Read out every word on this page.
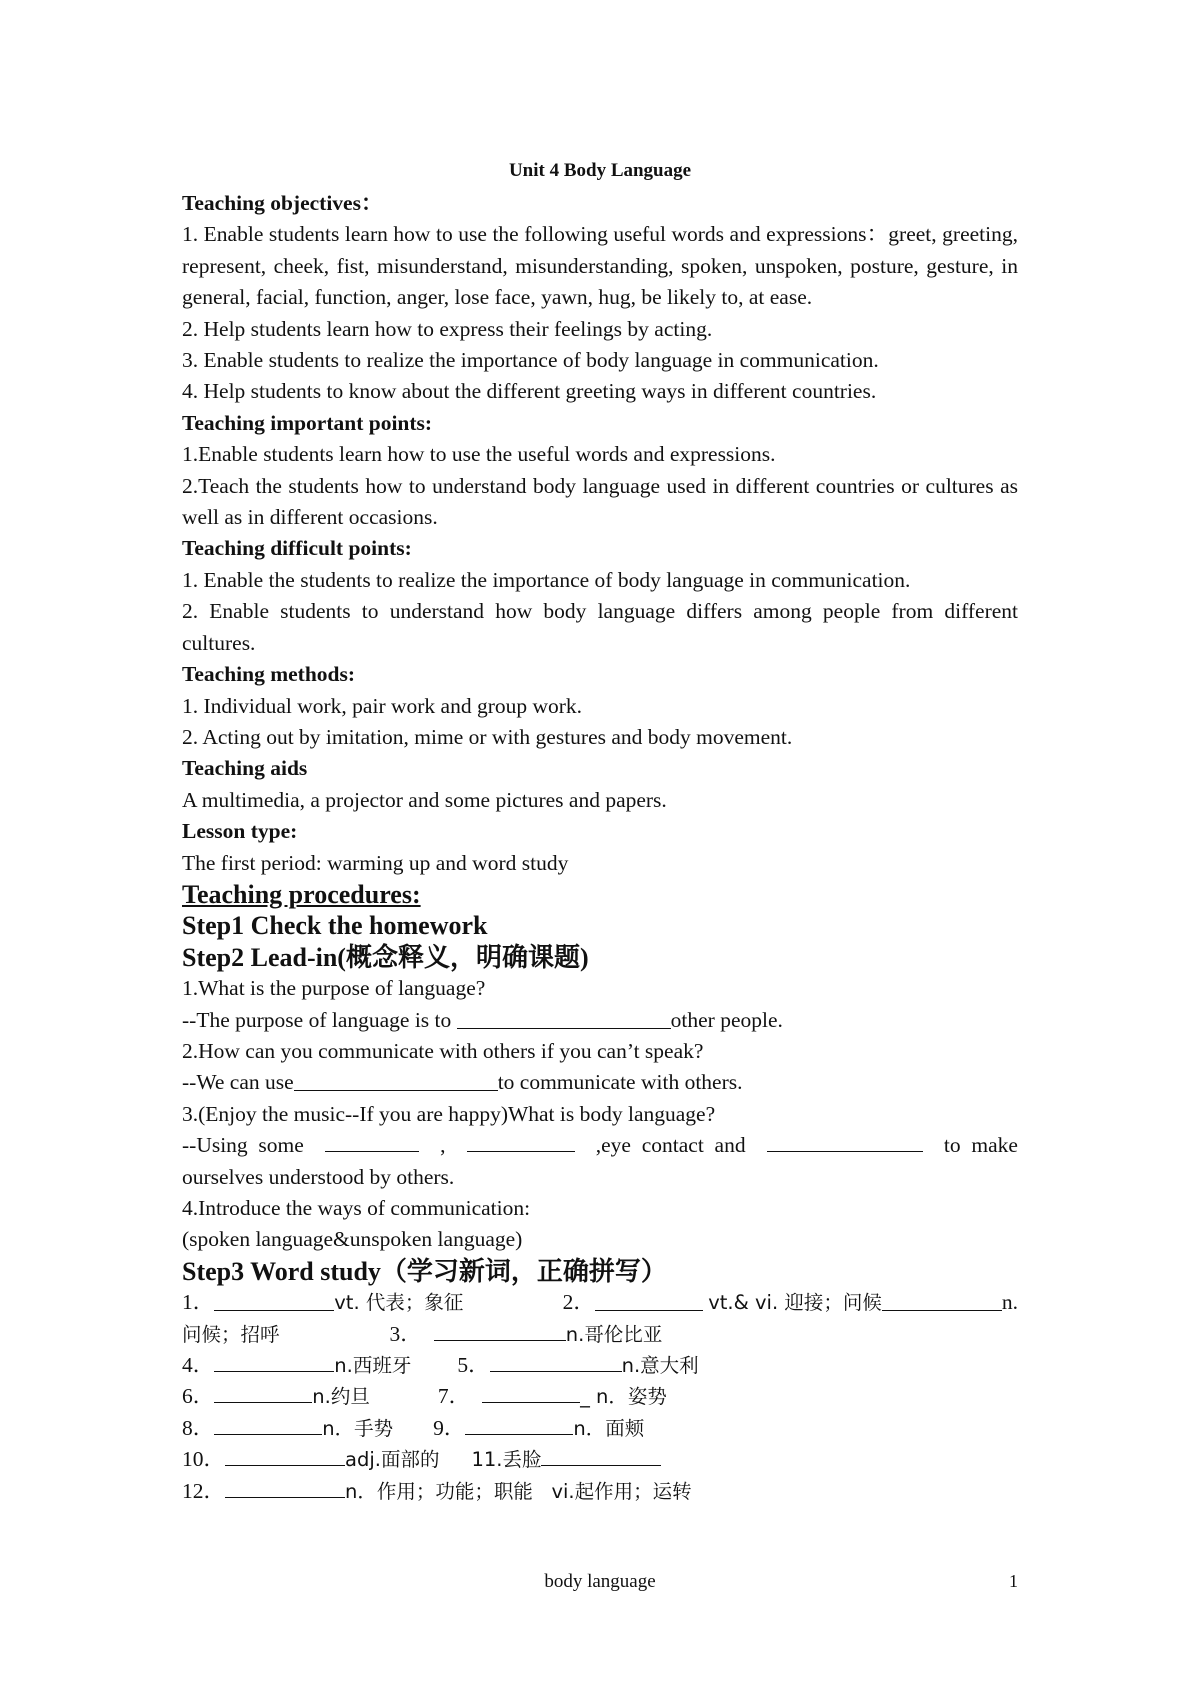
Unit 4 Body Language

Teaching objectives：

1. Enable students learn how to use the following useful words and expressions：greet, greeting, represent, cheek, fist, misunderstand, misunderstanding, spoken, unspoken, posture, gesture, in general, facial, function, anger, lose face, yawn, hug, be likely to, at ease.

2. Help students learn how to express their feelings by acting.

3. Enable students to realize the importance of body language in communication.

4. Help students to know about the different greeting ways in different countries.

Teaching important points:

1.Enable students learn how to use the useful words and expressions.

2.Teach the students how to understand body language used in different countries or cultures as well as in different occasions.

Teaching difficult points:

1. Enable the students to realize the importance of body language in communication.

2. Enable students to understand how body language differs among people from different cultures.

Teaching methods:

1. Individual work, pair work and group work.

2. Acting out by imitation, mime or with gestures and body movement.

Teaching aids

A multimedia, a projector and some pictures and papers.

Lesson type:

The first period: warming up and word study

Teaching procedures:

Step1 Check the homework

Step2 Lead-in(概念释义，明确课题)

1.What is the purpose of language?

--The purpose of language is to	other people.

2.How can you communicate with others if you can’t speak?

--We can use	to communicate with others.

3.(Enjoy the music--If you are happy)What is body language?

--Using  some	,	,eye  contact  and	to  make

ourselves understood by others.

4.Introduce the ways of communication:

(spoken language&unspoken language)

Step3 Word study（学习新词，正确拼写）

1．	vt. 代表；象征	2．	vt.& vi. 迎接；问候	n.
问候；招呼	3．	n.哥伦比亚
4．	n.西班牙 5．	n.意大利
6．	n.约旦	7．	_ n．姿势
8．	n．手势 9．	n．面颊
10．	adj.面部的 11.丢脸
12．	n．作用；功能；职能   vi.起作用；运转
body language	1
